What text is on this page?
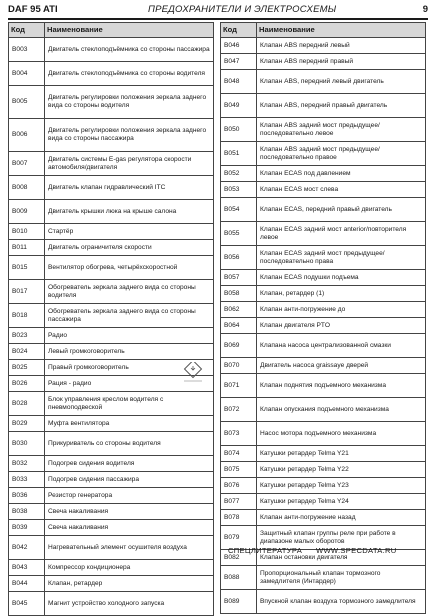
DAF 95 ATI	ПРЕДОХРАНИТЕЛИ И ЭЛЕКТРОСХЕМЫ	9
Код	Наименование
B003	Двигатель стеклоподъёмника со стороны пассажира
B004	Двигатель стеклоподъёмника со стороны водителя
B005	Двигатель регулировки положения зеркала заднего вида со стороны водителя
B006	Двигатель регулировки положения зеркала заднего вида со стороны пассажира
B007	Двигатель системы E-gas регулятора скорости автомобиля/двигателя
B008	Двигатель клапан гидравлический ITC
B009	Двигатель крышки люка на крыше салона
B010	Стартёр
B011	Двигатель ограничителя скорости
B015	Вентилятор обогрева, четырёхскоростной
B017	Обогреватель зеркала заднего вида со стороны водителя
B018	Обогреватель зеркала заднего вида со стороны пассажира
B023	Радио
B024	Левый громкоговоритель
B025	Правый громкоговоритель
B026	Рация - радио
B028	Блок управления креслом водителя с пневмоподвеской
B029	Муфта вентилятора
B030	Прикуриватель со стороны водителя
B032	Подогрев сидения водителя
B033	Подогрев сидения пассажира
B036	Резистор генератора
B038	Свеча накаливания
B039	Свеча накаливания
B042	Нагревательный элемент осушителя воздуха
B043	Компрессор кондиционера
B044	Клапан, ретардер
B045	Магнит устройство холодного запуска
Код	Наименование
B046	Клапан ABS передний левый
B047	Клапан ABS передний правый
B048	Клапан ABS, передний левый двигатель
B049	Клапан ABS, передний правый двигатель
B050	Клапан ABS задний мост предыдущее/последовательно левое
B051	Клапан ABS задний мост предыдущее/последовательно правое
B052	Клапан ECAS под давлением
B053	Клапан ECAS мост слева
B054	Клапан ECAS, передний правый двигатель
B055	Клапан ECAS задний мост anterior/повторителя левое
B056	Клапан ECAS задний мост предыдущее/последовательно права
B057	Клапан ECAS подушки подъема
B058	Клапан, ретардер (1)
B062	Клапан анти-погружение до
B064	Клапан двигателя PTO
B069	Клапана насоса централизованной смазки
B070	Двигатель насоса graissaye дверей
B071	Клапан поднятия подъемного механизма
B072	Клапан опускания подъемного механизма
B073	Насос мотора подъемного механизма
B074	Катушки ретардер Telma Y21
B075	Катушки ретардер Telma Y22
B076	Катушки ретардер Telma Y23
B077	Катушки ретардер Telma Y24
B078	Клапан анти-погружение назад
B079	Защитный клапан группы реле при работе в диапазоне малых оборотов
B082	Клапан остановки двигателя
B088	Пропорциональный клапан тормозного замедлителя (Интардер)
B089	Впускной клапан воздуха тормозного замедлителя
СПЕЦЛИТЕРАТУРА WWW.SPECDATA.RU
